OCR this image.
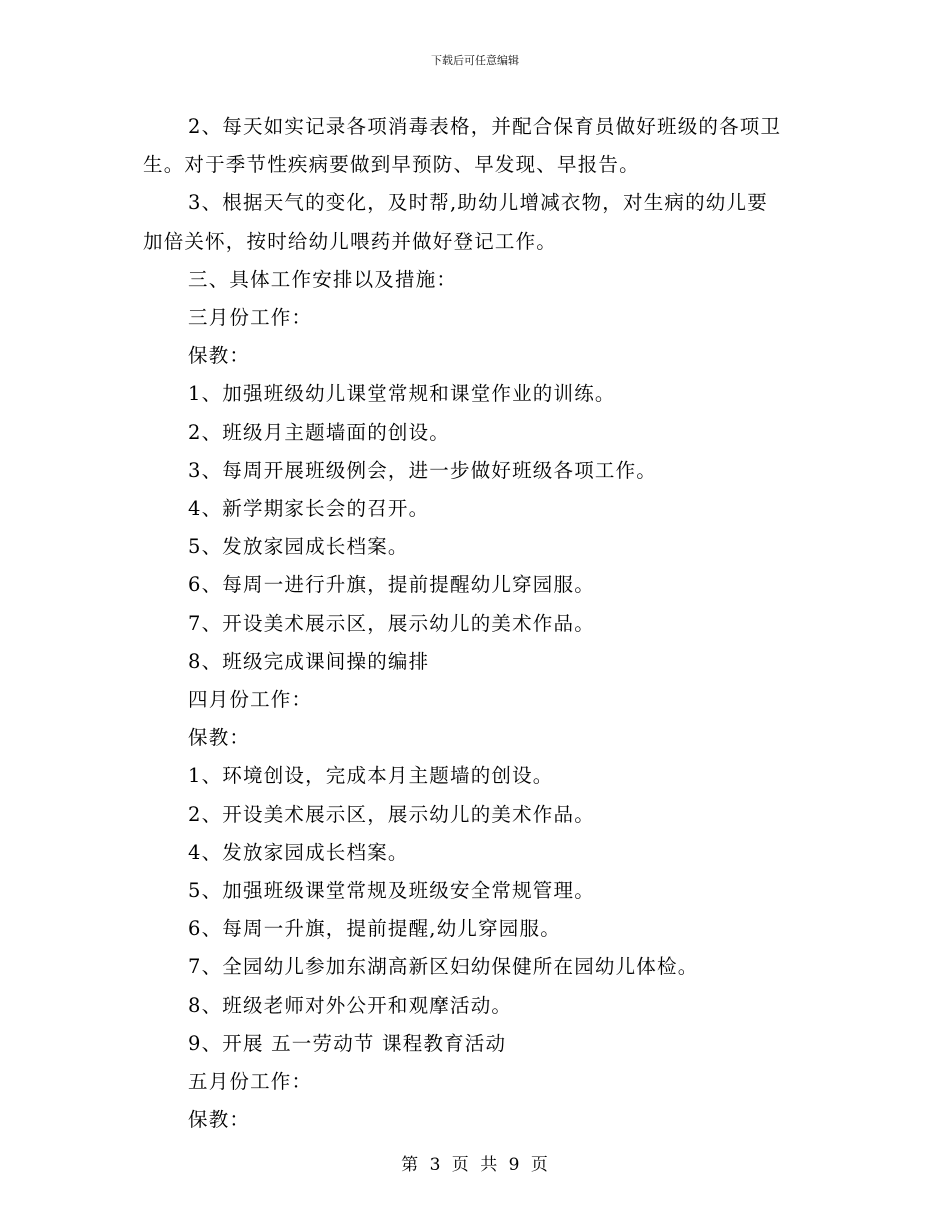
下载后可任意编辑
2、每天如实记录各项消毒表格，并配合保育员做好班级的各项卫
生。对于季节性疾病要做到早预防、早发现、早报告。
3、根据天气的变化，及时帮,助幼儿增减衣物，对生病的幼儿要
加倍关怀，按时给幼儿喂药并做好登记工作。
三、具体工作安排以及措施：
三月份工作：
保教：
1、加强班级幼儿课堂常规和课堂作业的训练。
2、班级月主题墙面的创设。
3、每周开展班级例会，进一步做好班级各项工作。
4、新学期家长会的召开。
5、发放家园成长档案。
6、每周一进行升旗，提前提醒幼儿穿园服。
7、开设美术展示区，展示幼儿的美术作品。
8、班级完成课间操的编排
四月份工作：
保教：
1、环境创设，完成本月主题墙的创设。
2、开设美术展示区，展示幼儿的美术作品。
4、发放家园成长档案。
5、加强班级课堂常规及班级安全常规管理。
6、每周一升旗，提前提醒,幼儿穿园服。
7、全园幼儿参加东湖高新区妇幼保健所在园幼儿体检。
8、班级老师对外公开和观摩活动。
9、开展 五一劳动节 课程教育活动
五月份工作：
保教：
第 3 页 共 9 页
